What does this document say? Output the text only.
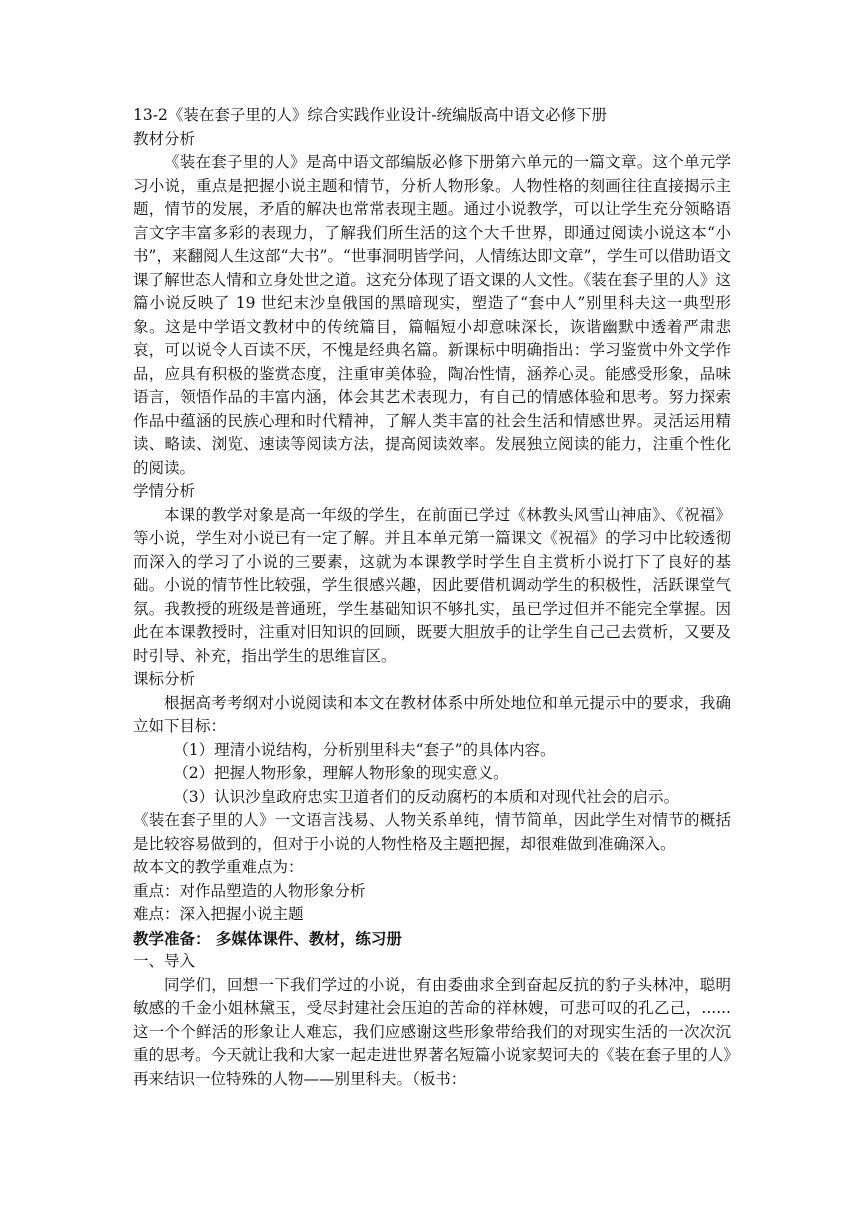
13-2《装在套子里的人》综合实践作业设计-统编版高中语文必修下册

教材分析

《装在套子里的人》是高中语文部编版必修下册第六单元的一篇文章。这个单元学习小说，重点是把握小说主题和情节，分析人物形象。人物性格的刻画往往直接揭示主题，情节的发展，矛盾的解决也常常表现主题。通过小说教学，可以让学生充分领略语言文字丰富多彩的表现力，了解我们所生活的这个大千世界，即通过阅读小说这本“小书”，来翻阅人生这部“大书”。“世事洞明皆学问，人情练达即文章”，学生可以借助语文课了解世态人情和立身处世之道。这充分体现了语文课的人文性。《装在套子里的人》这篇小说反映了 19 世纪末沙皇俄国的黑暗现实，塑造了“套中人”别里科夫这一典型形象。这是中学语文教材中的传统篇目，篇幅短小却意味深长，诙谐幽默中透着严肃悲哀，可以说令人百读不厌，不愧是经典名篇。新课标中明确指出：学习鉴赏中外文学作品，应具有积极的鉴赏态度，注重审美体验，陶冶性情，涵养心灵。能感受形象，品味语言，领悟作品的丰富内涵，体会其艺术表现力，有自己的情感体验和思考。努力探索作品中蕴涵的民族心理和时代精神，了解人类丰富的社会生活和情感世界。灵活运用精读、略读、浏览、速读等阅读方法，提高阅读效率。发展独立阅读的能力，注重个性化的阅读。

学情分析

本课的教学对象是高一年级的学生，在前面已学过《林教头风雪山神庙》、《祝福》等小说，学生对小说已有一定了解。并且本单元第一篇课文《祝福》的学习中比较透彻而深入的学习了小说的三要素，这就为本课教学时学生自主赏析小说打下了良好的基础。小说的情节性比较强，学生很感兴趣，因此要借机调动学生的积极性，活跃课堂气氛。我教授的班级是普通班，学生基础知识不够扎实，虽已学过但并不能完全掌握。因此在本课教授时，注重对旧知识的回顾，既要大胆放手的让学生自己己去赏析，又要及时引导、补充，指出学生的思维盲区。

课标分析

根据高考考纲对小说阅读和本文在教材体系中所处地位和单元提示中的要求，我确立如下目标：

（1）理清小说结构，分析别里科夫“套子”的具体内容。

（2）把握人物形象，理解人物形象的现实意义。

（3）认识沙皇政府忠实卫道者们的反动腐朽的本质和对现代社会的启示。

《装在套子里的人》一文语言浅易、人物关系单纯，情节简单，因此学生对情节的概括是比较容易做到的，但对于小说的人物性格及主题把握，却很难做到准确深入。

故本文的教学重难点为：

重点：对作品塑造的人物形象分析

难点：深入把握小说主题

教学准备： 多媒体课件、教材，练习册

一、导入

同学们，回想一下我们学过的小说，有由委曲求全到奋起反抗的豹子头林冲，聪明敏感的千金小姐林黛玉，受尽封建社会压迫的苦命的祥林嫂，可悲可叹的孔乙己，......这一个个鲜活的形象让人难忘，我们应感谢这些形象带给我们的对现实生活的一次次沉重的思考。今天就让我和大家一起走进世界著名短篇小说家契诃夫的《装在套子里的人》再来结识一位特殊的人物——别里科夫。（板书：
